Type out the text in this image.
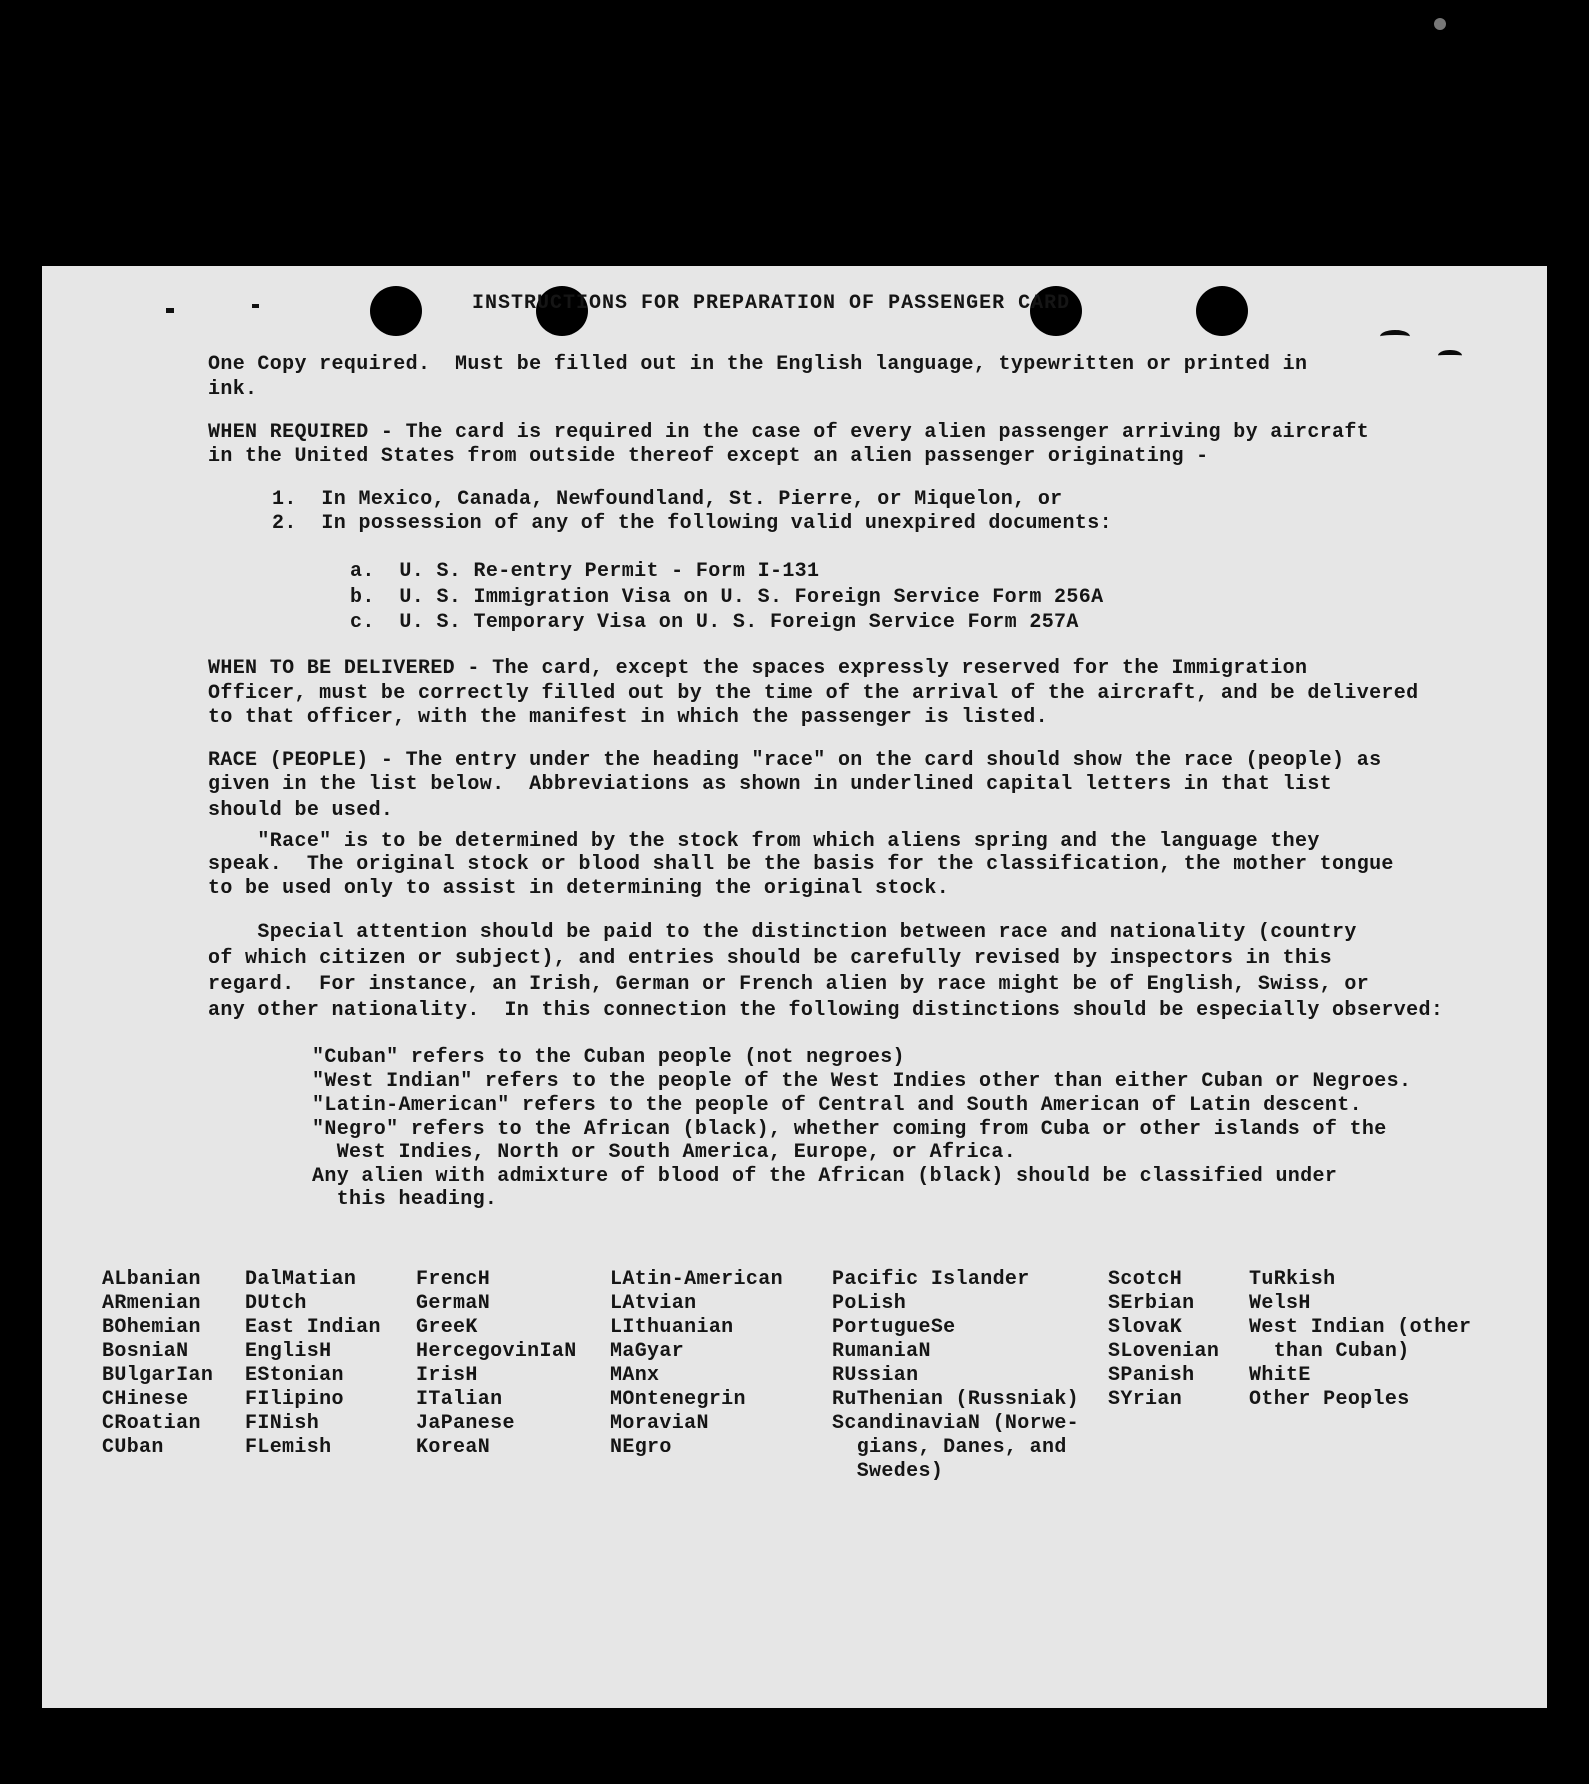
INSTRUCTIONS FOR PREPARATION OF PASSENGER CARD
One Copy required.  Must be filled out in the English language, typewritten or printed in
ink.
WHEN REQUIRED - The card is required in the case of every alien passenger arriving by aircraft
in the United States from outside thereof except an alien passenger originating -
1.  In Mexico, Canada, Newfoundland, St. Pierre, or Miquelon, or
2.  In possession of any of the following valid unexpired documents:
a.  U. S. Re-entry Permit - Form I-131
b.  U. S. Immigration Visa on U. S. Foreign Service Form 256A
c.  U. S. Temporary Visa on U. S. Foreign Service Form 257A
WHEN TO BE DELIVERED - The card, except the spaces expressly reserved for the Immigration
Officer, must be correctly filled out by the time of the arrival of the aircraft, and be delivered
to that officer, with the manifest in which the passenger is listed.
RACE (PEOPLE) - The entry under the heading "race" on the card should show the race (people) as
given in the list below.  Abbreviations as shown in underlined capital letters in that list
should be used.
"Race" is to be determined by the stock from which aliens spring and the language they
speak.  The original stock or blood shall be the basis for the classification, the mother tongue
to be used only to assist in determining the original stock.
Special attention should be paid to the distinction between race and nationality (country
of which citizen or subject), and entries should be carefully revised by inspectors in this
regard.  For instance, an Irish, German or French alien by race might be of English, Swiss, or
any other nationality.  In this connection the following distinctions should be especially observed:
"Cuban" refers to the Cuban people (not negroes)
"West Indian" refers to the people of the West Indies other than either Cuban or Negroes.
"Latin-American" refers to the people of Central and South American of Latin descent.
"Negro" refers to the African (black), whether coming from Cuba or other islands of the
West Indies, North or South America, Europe, or Africa.
Any alien with admixture of blood of the African (black) should be classified under
this heading.
ALbanian
ARmenian
BOhemian
BosniaN
BUlgarIan
CHinese
CRoatian
CUban
DalMatian
DUtch
East Indian
EnglisH
EStonian
FIlipino
FINish
FLemish
FrencH
GermaN
GreeK
HercegovinIaN
IrisH
ITalian
JaPanese
KoreaN
LAtin-American
LAtvian
LIthuanian
MaGyar
MAnx
MOntenegrin
MoraviaN
NEgro
Pacific Islander
PoLish
PortugueSe
RumaniaN
RUssian
RuThenian (Russniak)
ScandinaviaN (Norwe-
gians, Danes, and
Swedes)
ScotcH
SErbian
SlovaK
SLovenian
SPanish
SYrian
TuRkish
WelsH
West Indian (other
than Cuban)
WhitE
Other Peoples
